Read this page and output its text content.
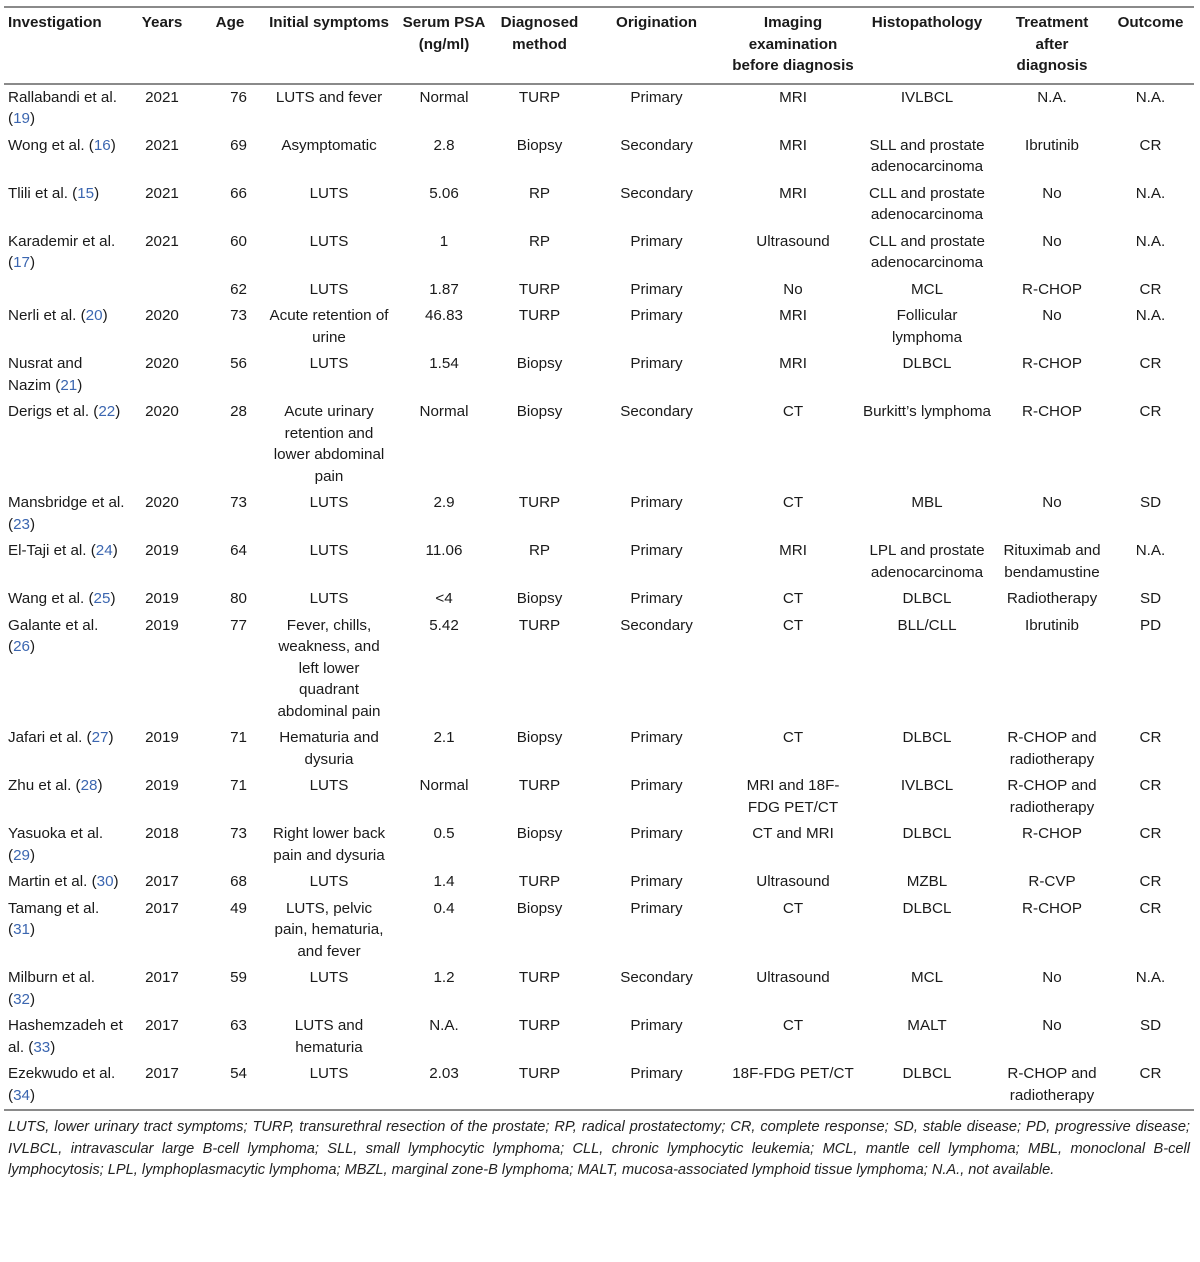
Investigation	Years	Age	Initial symptoms	Serum PSA (ng/ml)	Diagnosed method	Origination	Imaging examination before diagnosis	Histopathology	Treatment after diagnosis	Outcome
Rallabandi et al. (19)	2021	76	LUTS and fever	Normal	TURP	Primary	MRI	IVLBCL	N.A.	N.A.
Wong et al. (16)	2021	69	Asymptomatic	2.8	Biopsy	Secondary	MRI	SLL and prostate adenocarcinoma	Ibrutinib	CR
Tlili et al. (15)	2021	66	LUTS	5.06	RP	Secondary	MRI	CLL and prostate adenocarcinoma	No	N.A.
Karademir et al. (17)	2021	60	LUTS	1	RP	Primary	Ultrasound	CLL and prostate adenocarcinoma	No	N.A.
		62	LUTS	1.87	TURP	Primary	No	MCL	R-CHOP	CR
Nerli et al. (20)	2020	73	Acute retention of urine	46.83	TURP	Primary	MRI	Follicular lymphoma	No	N.A.
Nusrat and Nazim (21)	2020	56	LUTS	1.54	Biopsy	Primary	MRI	DLBCL	R-CHOP	CR
Derigs et al. (22)	2020	28	Acute urinary retention and lower abdominal pain	Normal	Biopsy	Secondary	CT	Burkitt’s lymphoma	R-CHOP	CR
Mansbridge et al. (23)	2020	73	LUTS	2.9	TURP	Primary	CT	MBL	No	SD
El-Taji et al. (24)	2019	64	LUTS	11.06	RP	Primary	MRI	LPL and prostate adenocarcinoma	Rituximab and bendamustine	N.A.
Wang et al. (25)	2019	80	LUTS	<4	Biopsy	Primary	CT	DLBCL	Radiotherapy	SD
Galante et al. (26)	2019	77	Fever, chills, weakness, and left lower quadrant abdominal pain	5.42	TURP	Secondary	CT	BLL/CLL	Ibrutinib	PD
Jafari et al. (27)	2019	71	Hematuria and dysuria	2.1	Biopsy	Primary	CT	DLBCL	R-CHOP and radiotherapy	CR
Zhu et al. (28)	2019	71	LUTS	Normal	TURP	Primary	MRI and 18F-FDG PET/CT	IVLBCL	R-CHOP and radiotherapy	CR
Yasuoka et al. (29)	2018	73	Right lower back pain and dysuria	0.5	Biopsy	Primary	CT and MRI	DLBCL	R-CHOP	CR
Martin et al. (30)	2017	68	LUTS	1.4	TURP	Primary	Ultrasound	MZBL	R-CVP	CR
Tamang et al. (31)	2017	49	LUTS, pelvic pain, hematuria, and fever	0.4	Biopsy	Primary	CT	DLBCL	R-CHOP	CR
Milburn et al. (32)	2017	59	LUTS	1.2	TURP	Secondary	Ultrasound	MCL	No	N.A.
Hashemzadeh et al. (33)	2017	63	LUTS and hematuria	N.A.	TURP	Primary	CT	MALT	No	SD
Ezekwudo et al. (34)	2017	54	LUTS	2.03	TURP	Primary	18F-FDG PET/CT	DLBCL	R-CHOP and radiotherapy	CR
LUTS, lower urinary tract symptoms; TURP, transurethral resection of the prostate; RP, radical prostatectomy; CR, complete response; SD, stable disease; PD, progressive disease; IVLBCL, intravascular large B-cell lymphoma; SLL, small lymphocytic lymphoma; CLL, chronic lymphocytic leukemia; MCL, mantle cell lymphoma; MBL, monoclonal B-cell lymphocytosis; LPL, lymphoplasmacytic lymphoma; MBZL, marginal zone-B lymphoma; MALT, mucosa-associated lymphoid tissue lymphoma; N.A., not available.
